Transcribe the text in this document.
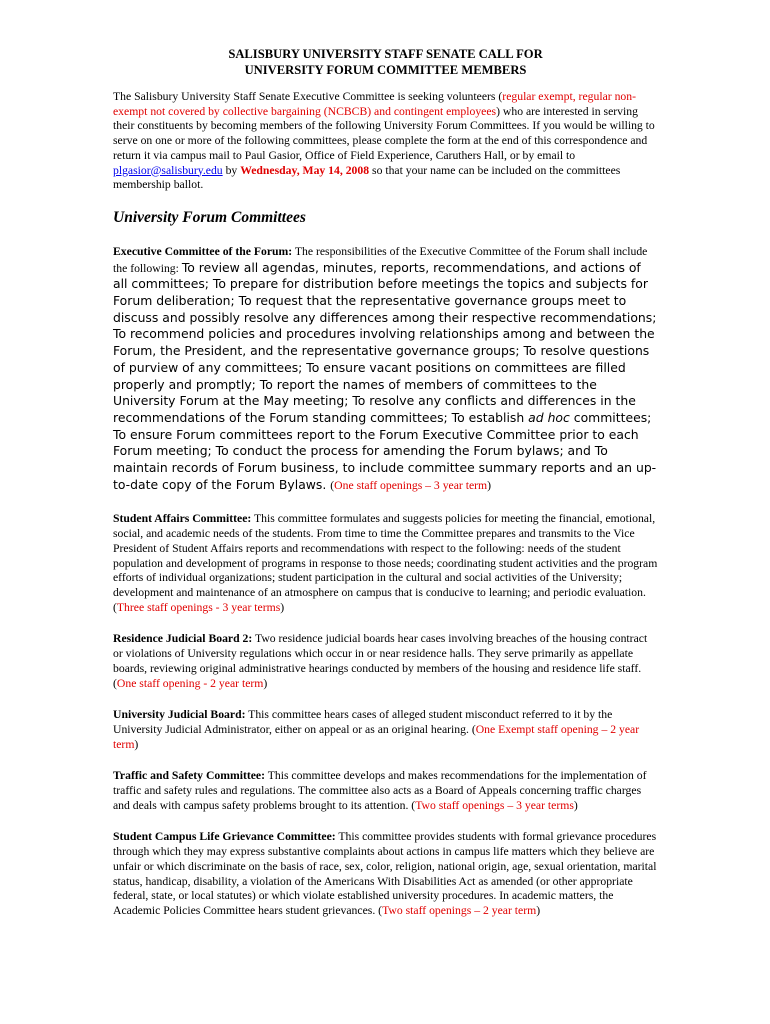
SALISBURY UNIVERSITY STAFF SENATE CALL FOR
UNIVERSITY FORUM COMMITTEE MEMBERS

The Salisbury University Staff Senate Executive Committee is seeking volunteers (regular exempt, regular non-exempt not covered by collective bargaining (NCBCB) and contingent employees) who are interested in serving their constituents by becoming members of the following University Forum Committees. If you would be willing to serve on one or more of the following committees, please complete the form at the end of this correspondence and return it via campus mail to Paul Gasior, Office of Field Experience, Caruthers Hall, or by email to plgasior@salisbury.edu by Wednesday, May 14, 2008 so that your name can be included on the committees membership ballot.

University Forum Committees

Executive Committee of the Forum: The responsibilities of the Executive Committee of the Forum shall include the following: To review all agendas, minutes, reports, recommendations, and actions of all committees; To prepare for distribution before meetings the topics and subjects for Forum deliberation; To request that the representative governance groups meet to discuss and possibly resolve any differences among their respective recommendations; To recommend policies and procedures involving relationships among and between the Forum, the President, and the representative governance groups; To resolve questions of purview of any committees; To ensure vacant positions on committees are filled properly and promptly; To report the names of members of committees to the University Forum at the May meeting; To resolve any conflicts and differences in the recommendations of the Forum standing committees; To establish ad hoc committees; To ensure Forum committees report to the Forum Executive Committee prior to each Forum meeting; To conduct the process for amending the Forum bylaws; and To maintain records of Forum business, to include committee summary reports and an up-to-date copy of the Forum Bylaws. (One staff openings – 3 year term)

Student Affairs Committee: This committee formulates and suggests policies for meeting the financial, emotional, social, and academic needs of the students. From time to time the Committee prepares and transmits to the Vice President of Student Affairs reports and recommendations with respect to the following: needs of the student population and development of programs in response to those needs; coordinating student activities and the program efforts of individual organizations; student participation in the cultural and social activities of the University; development and maintenance of an atmosphere on campus that is conducive to learning; and periodic evaluation. (Three staff openings - 3 year terms)

Residence Judicial Board 2: Two residence judicial boards hear cases involving breaches of the housing contract or violations of University regulations which occur in or near residence halls. They serve primarily as appellate boards, reviewing original administrative hearings conducted by members of the housing and residence life staff. (One staff opening - 2 year term)

University Judicial Board: This committee hears cases of alleged student misconduct referred to it by the University Judicial Administrator, either on appeal or as an original hearing. (One Exempt staff opening – 2 year term)

Traffic and Safety Committee: This committee develops and makes recommendations for the implementation of traffic and safety rules and regulations. The committee also acts as a Board of Appeals concerning traffic charges and deals with campus safety problems brought to its attention. (Two staff openings – 3 year terms)

Student Campus Life Grievance Committee: This committee provides students with formal grievance procedures through which they may express substantive complaints about actions in campus life matters which they believe are unfair or which discriminate on the basis of race, sex, color, religion, national origin, age, sexual orientation, marital status, handicap, disability, a violation of the Americans With Disabilities Act as amended (or other appropriate federal, state, or local statutes) or which violate established university procedures. In academic matters, the Academic Policies Committee hears student grievances. (Two staff openings – 2 year term)
